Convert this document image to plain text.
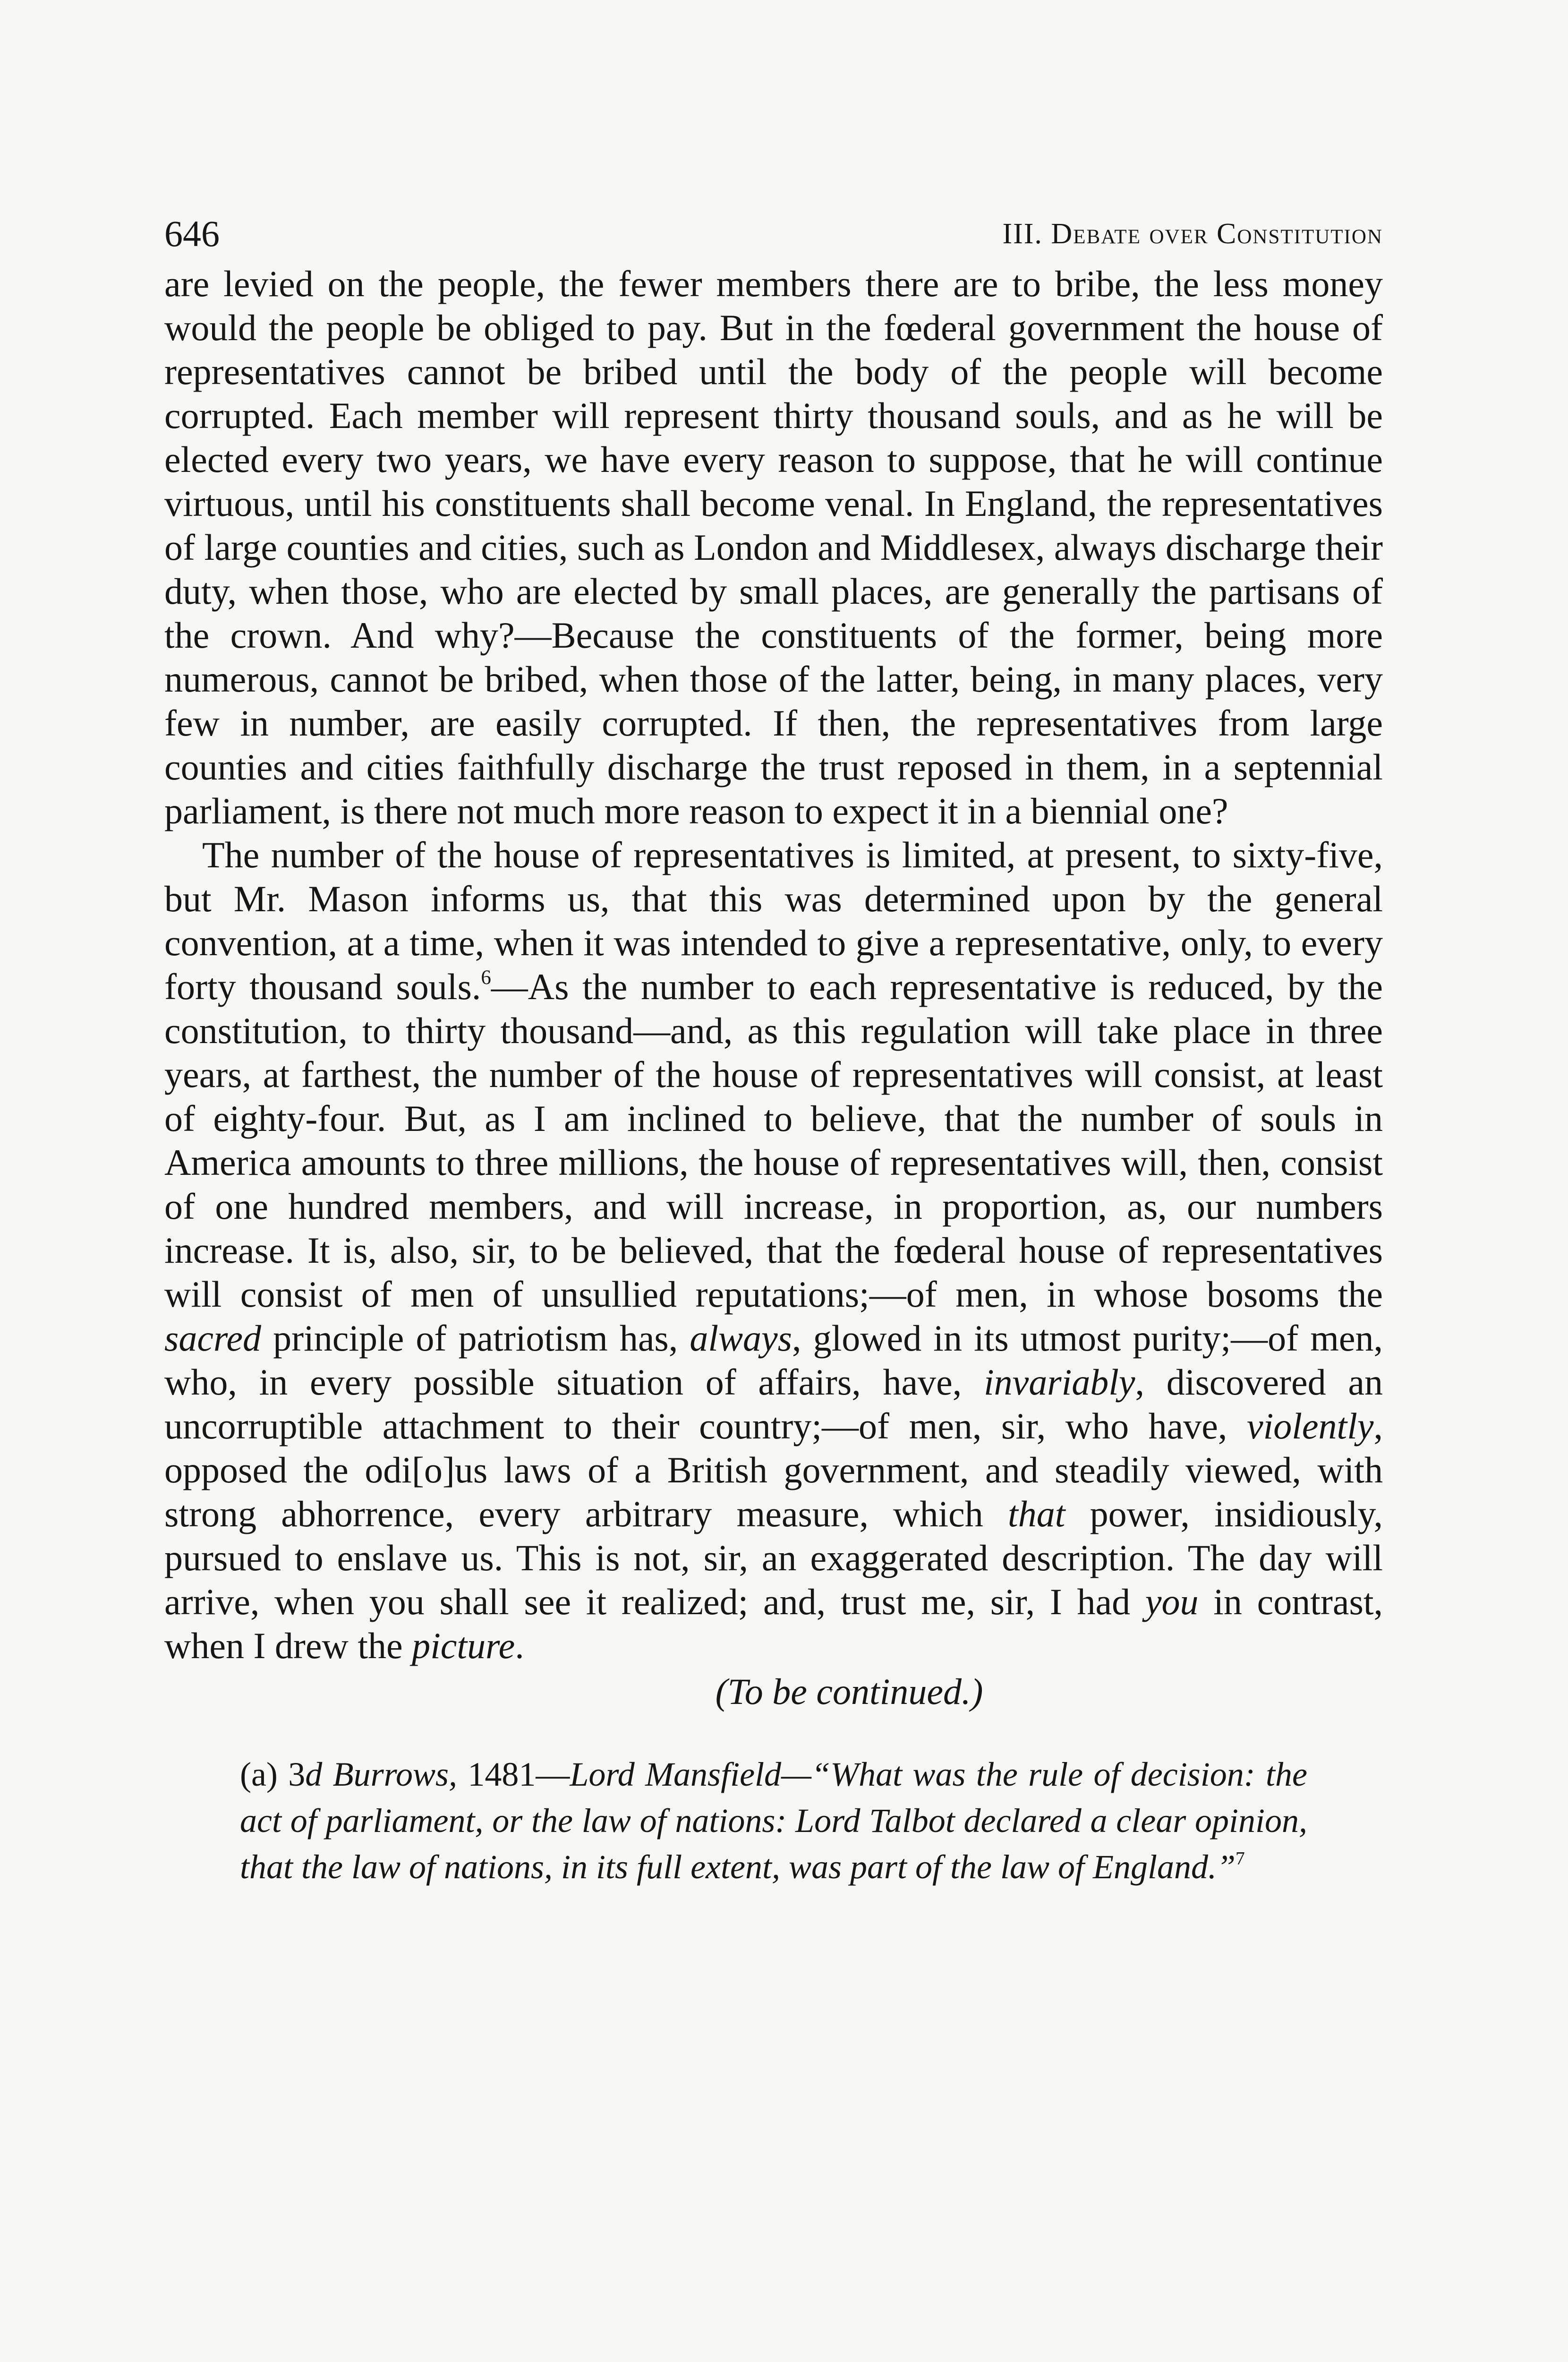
646	III. Debate over Constitution

are levied on the people, the fewer members there are to bribe, the less money would the people be obliged to pay. But in the fœderal government the house of representatives cannot be bribed until the body of the people will become corrupted. Each member will represent thirty thousand souls, and as he will be elected every two years, we have every reason to suppose, that he will continue virtuous, until his constituents shall become venal. In England, the representatives of large counties and cities, such as London and Middlesex, always discharge their duty, when those, who are elected by small places, are generally the partisans of the crown. And why?—Because the constituents of the former, being more numerous, cannot be bribed, when those of the latter, being, in many places, very few in number, are easily corrupted. If then, the representatives from large counties and cities faithfully discharge the trust reposed in them, in a septennial parliament, is there not much more reason to expect it in a biennial one?

The number of the house of representatives is limited, at present, to sixty-five, but Mr. Mason informs us, that this was determined upon by the general convention, at a time, when it was intended to give a representative, only, to every forty thousand souls.$^6$—As the number to each representative is reduced, by the constitution, to thirty thousand—and, as this regulation will take place in three years, at farthest, the number of the house of representatives will consist, at least of eighty-four. But, as I am inclined to believe, that the number of souls in America amounts to three millions, the house of representatives will, then, consist of one hundred members, and will increase, in proportion, as, our numbers increase. It is, also, sir, to be believed, that the fœderal house of representatives will consist of men of unsullied reputations;—of men, in whose bosoms the sacred principle of patriotism has, always, glowed in its utmost purity;—of men, who, in every possible situation of affairs, have, invariably, discovered an uncorruptible attachment to their country;—of men, sir, who have, violently, opposed the odi[o]us laws of a British government, and steadily viewed, with strong abhorrence, every arbitrary measure, which that power, insidiously, pursued to enslave us. This is not, sir, an exaggerated description. The day will arrive, when you shall see it realized; and, trust me, sir, I had you in contrast, when I drew the picture.

(To be continued.)
(a) 3d Burrows, 1481—Lord Mansfield—“What was the rule of decision: the act of parliament, or the law of nations: Lord Talbot declared a clear opinion, that the law of nations, in its full extent, was part of the law of England.”$^7$
